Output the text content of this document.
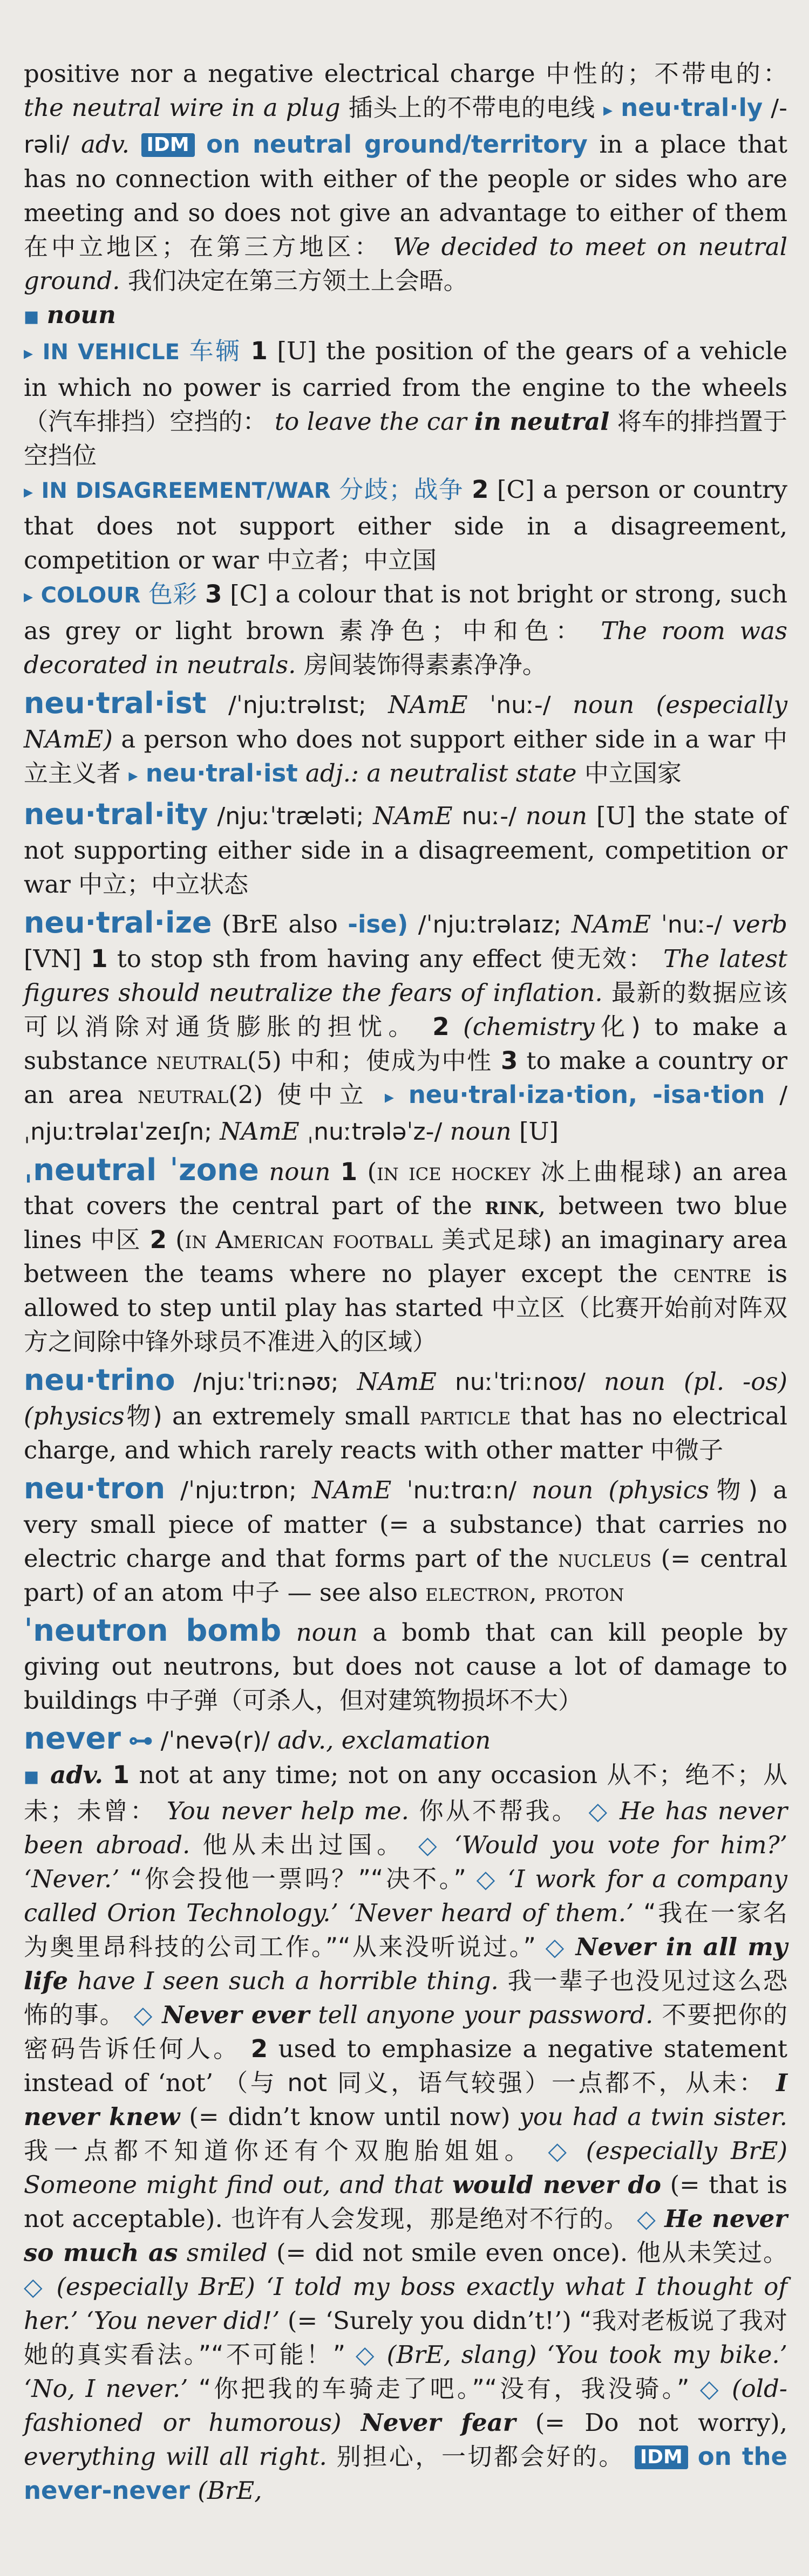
positive nor a negative electrical charge 中性的；不带电的： the neutral wire in a plug 插头上的不带电的电线 ▸ neu·tral·ly /-rəli/ adv. IDM on neutral ground/territory in a place that has no connection with either of the people or sides who are meeting and so does not give an advantage to either of them 在中立地区；在第三方地区： We decided to meet on neutral ground. 我们决定在第三方领土上会晤。
■ noun
▸ IN VEHICLE 车辆 1 [U] the position of the gears of a vehicle in which no power is carried from the engine to the wheels （汽车排挡）空挡的： to leave the car in neutral 将车的排挡置于空挡位
▸ IN DISAGREEMENT/WAR 分歧；战争 2 [C] a person or country that does not support either side in a disagreement, competition or war 中立者；中立国
▸ COLOUR 色彩 3 [C] a colour that is not bright or strong, such as grey or light brown 素净色；中和色： The room was decorated in neutrals. 房间装饰得素素净净。
neu·tral·ist /ˈnjuːtrəlɪst; NAmE ˈnuː-/ noun (especially NAmE) a person who does not support either side in a war 中立主义者 ▸ neu·tral·ist adj.: a neutralist state 中立国家
neu·tral·ity /njuːˈtræləti; NAmE nuː-/ noun [U] the state of not supporting either side in a disagreement, competition or war 中立；中立状态
neu·tral·ize (BrE also -ise) /ˈnjuːtrəlaɪz; NAmE ˈnuː-/ verb [VN] 1 to stop sth from having any effect 使无效： The latest figures should neutralize the fears of inflation. 最新的数据应该可以消除对通货膨胀的担忧。 2 (chemistry化) to make a substance neutral(5) 中和；使成为中性 3 to make a country or an area neutral(2) 使中立 ▸ neu·tral·iza·tion, -isa·tion /ˌnjuːtrəlaɪˈzeɪʃn; NAmE ˌnuːtrələˈz-/ noun [U]
ˌneutral ˈzone noun 1 (in ice hockey 冰上曲棍球) an area that covers the central part of the rink, between two blue lines 中区 2 (in American football 美式足球) an imaginary area between the teams where no player except the centre is allowed to step until play has started 中立区（比赛开始前对阵双方之间除中锋外球员不准进入的区域）
neu·trino /njuːˈtriːnəʊ; NAmE nuːˈtriːnoʊ/ noun (pl. -os) (physics物) an extremely small particle that has no electrical charge, and which rarely reacts with other matter 中微子
neu·tron /ˈnjuːtrɒn; NAmE ˈnuːtrɑːn/ noun (physics物) a very small piece of matter (= a substance) that carries no electric charge and that forms part of the nucleus (= central part) of an atom 中子 — see also electron, proton
ˈneutron bomb noun a bomb that can kill people by giving out neutrons, but does not cause a lot of damage to buildings 中子弹（可杀人，但对建筑物损坏不大）
never ⊶ /ˈnevə(r)/ adv., exclamation
■ adv. 1 not at any time; not on any occasion 从不；绝不；从未；未曾： You never help me. 你从不帮我。 ◇ He has never been abroad. 他从未出过国。 ◇ ‘Would you vote for him?’ ‘Never.’ “你会投他一票吗？”“决不。” ◇ ‘I work for a company called Orion Technology.’ ‘Never heard of them.’ “我在一家名为奥里昂科技的公司工作。”“从来没听说过。” ◇ Never in all my life have I seen such a horrible thing. 我一辈子也没见过这么恐怖的事。 ◇ Never ever tell anyone your password. 不要把你的密码告诉任何人。 2 used to emphasize a negative statement instead of ‘not’ （与 not 同义，语气较强）一点都不，从未： I never knew (= didn’t know until now) you had a twin sister. 我一点都不知道你还有个双胞胎姐姐。 ◇ (especially BrE) Someone might find out, and that would never do (= that is not acceptable). 也许有人会发现，那是绝对不行的。 ◇ He never so much as smiled (= did not smile even once). 他从未笑过。 ◇ (especially BrE) ‘I told my boss exactly what I thought of her.’ ‘You never did!’ (= ‘Surely you didn’t!’) “我对老板说了我对她的真实看法。”“不可能！” ◇ (BrE, slang) ‘You took my bike.’ ‘No, I never.’ “你把我的车骑走了吧。”“没有，我没骑。” ◇ (old-fashioned or humorous) Never fear (= Do not worry), everything will all right. 别担心，一切都会好的。 IDM on the never-never (BrE,
